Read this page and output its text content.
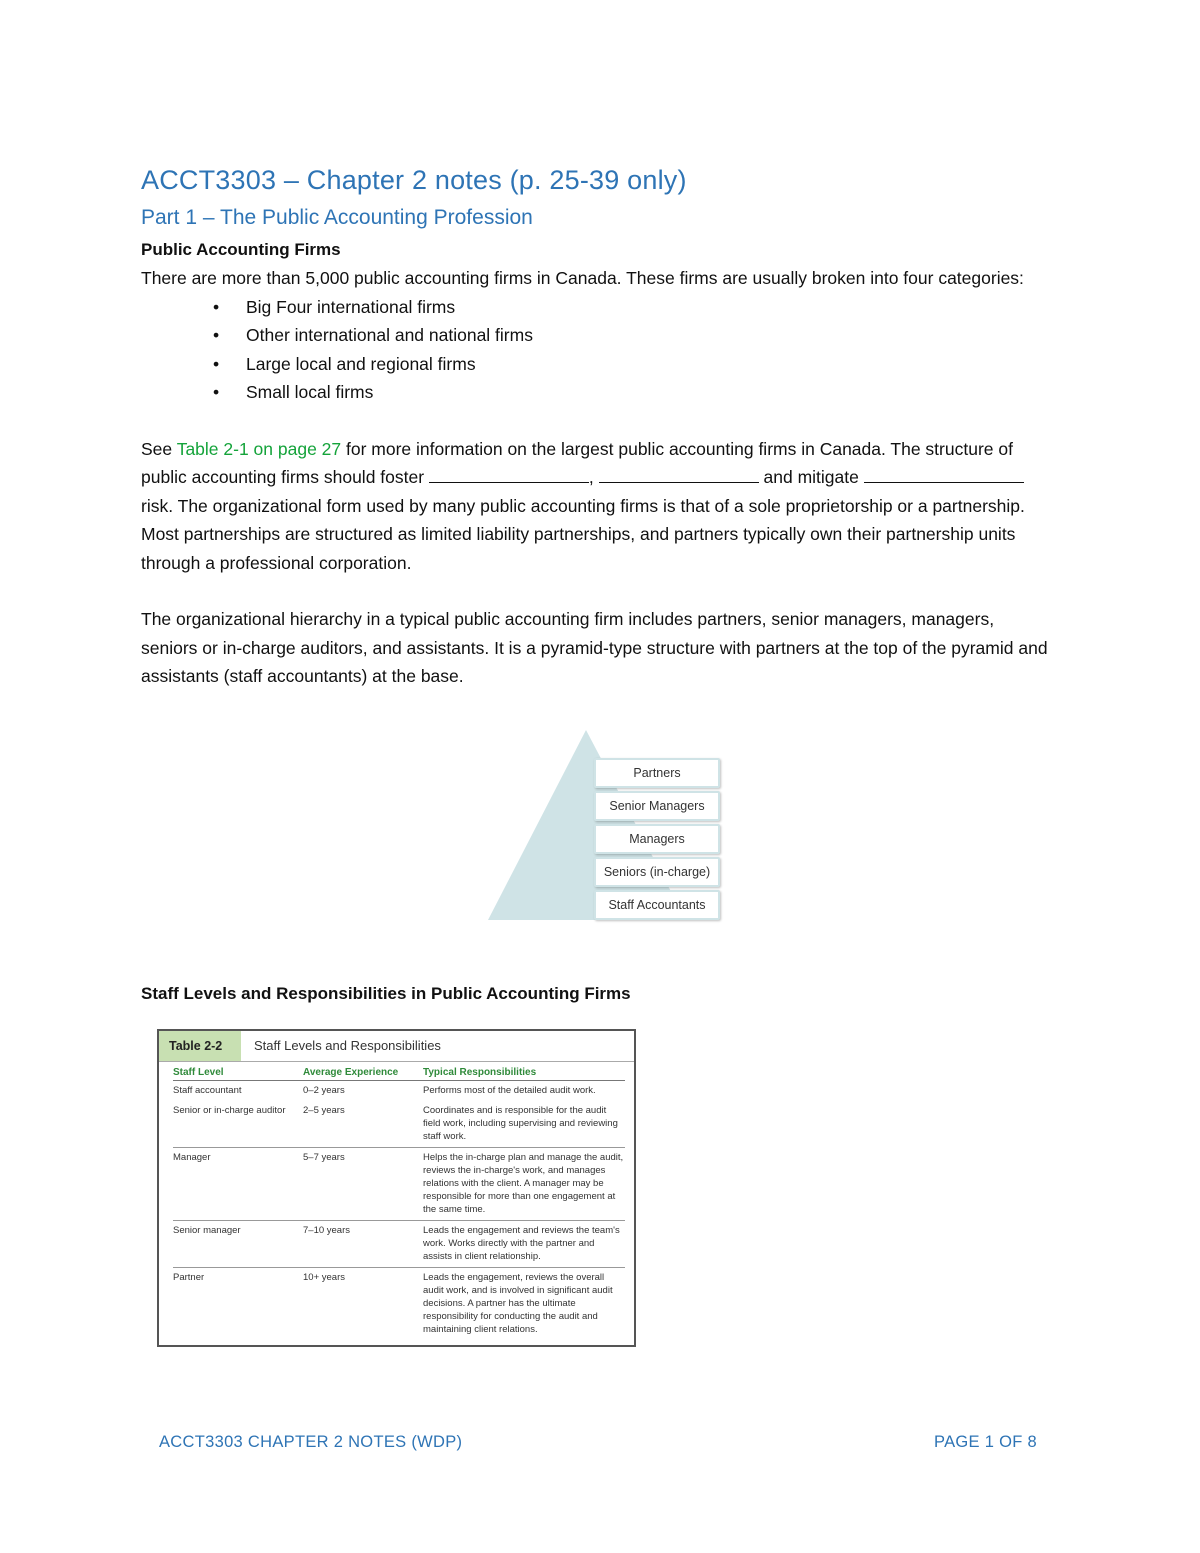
ACCT3303 – Chapter 2 notes (p. 25-39 only)
Part 1 – The Public Accounting Profession
Public Accounting Firms

There are more than 5,000 public accounting firms in Canada. These firms are usually broken into four categories:

• Big Four international firms
• Other international and national firms
• Large local and regional firms
• Small local firms

See Table 2-1 on page 27 for more information on the largest public accounting firms in Canada. The structure of public accounting firms should foster	,	and mitigate  risk. The organizational form used by many public accounting firms is that of a sole proprietorship or a partnership. Most partnerships are structured as limited liability partnerships, and partners typically own their partnership units through a professional corporation.

The organizational hierarchy in a typical public accounting firm includes partners, senior managers, managers, seniors or in-charge auditors, and assistants. It is a pyramid-type structure with partners at the top of the pyramid and assistants (staff accountants) at the base.

Partners
Senior Managers
Managers
Seniors (in-charge)
Staff Accountants
Staff Levels and Responsibilities in Public Accounting Firms
Table 2-2	Staff Levels and Responsibilities
Staff Level	Average Experience	Typical Responsibilities
Staff accountant	0–2 years	Performs most of the detailed audit work.
Senior or in-charge auditor	2–5 years	Coordinates and is responsible for the audit field work, including supervising and reviewing staff work.
Manager	5–7 years	Helps the in-charge plan and manage the audit, reviews the in-charge's work, and manages relations with the client. A manager may be responsible for more than one engagement at the same time.
Senior manager	7–10 years	Leads the engagement and reviews the team's work. Works directly with the partner and assists in client relationship.
Partner	10+ years	Leads the engagement, reviews the overall audit work, and is involved in significant audit decisions. A partner has the ultimate responsibility for conducting the audit and maintaining client relations.
ACCT3303 CHAPTER 2 NOTES (WDP)	PAGE 1 OF 8
